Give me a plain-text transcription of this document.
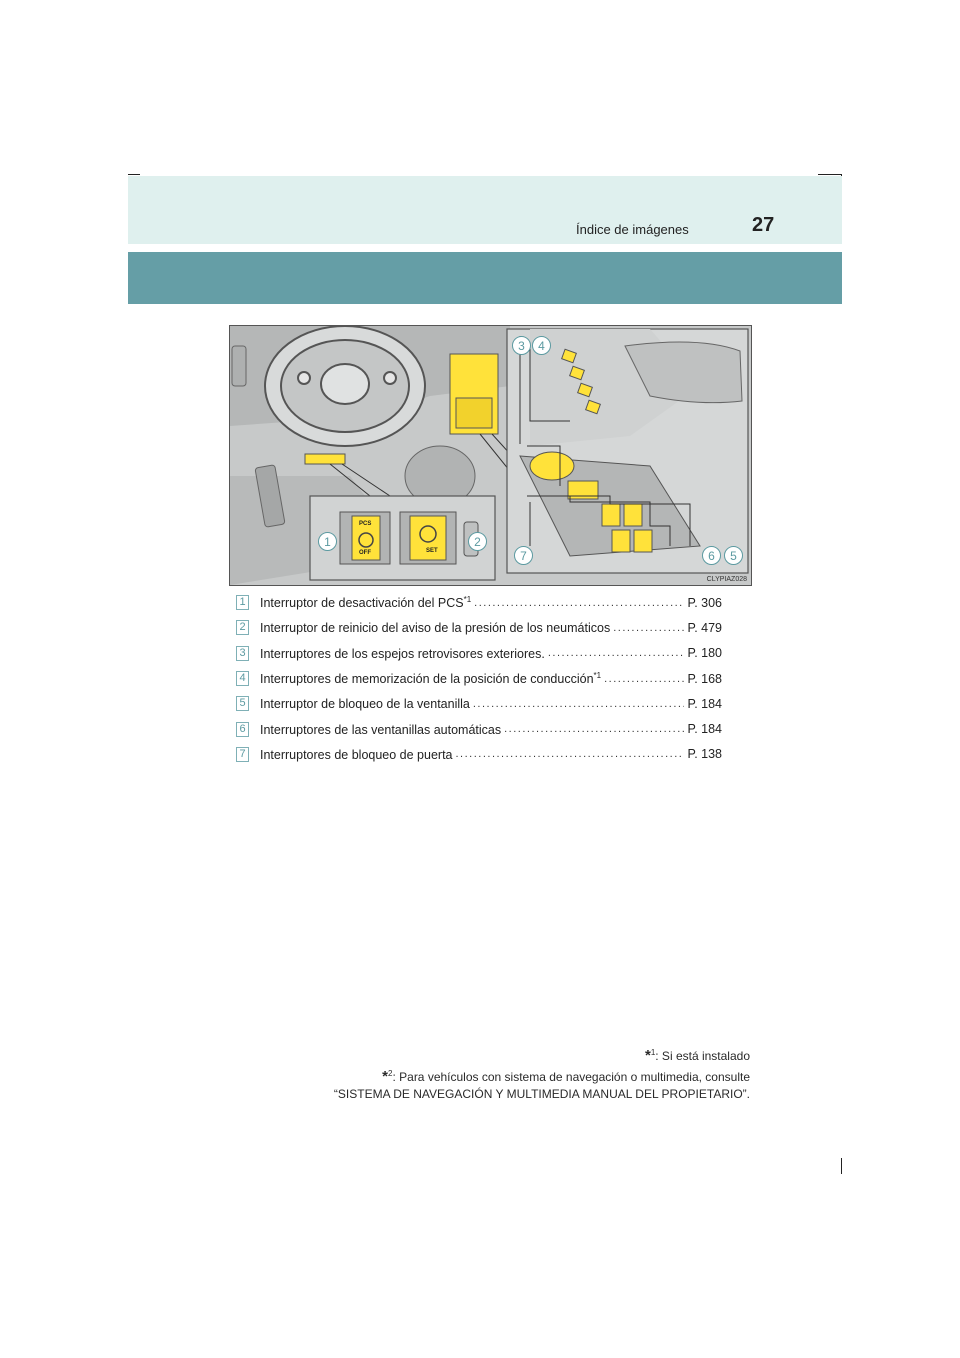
Índice de imágenes	27
PCS
OFF	SET
1	2
3	4
5
6
7
CLYPIAZ028
1 Interruptor de desactivación del PCS$^{*1}$ .....	P. 306
2 Interruptor de reinicio del aviso de la presión de los neumáticos .....	P. 479
3 Interruptores de los espejos retrovisores exteriores. .....	P. 180
4 Interruptores de memorización de la posición de conducción$^{*1}$ .....	P. 168
5 Interruptor de bloqueo de la ventanilla .....	P. 184
6 Interruptores de las ventanillas automáticas .....	P. 184
7 Interruptores de bloqueo de puerta .....	P. 138
*$^1$: Si está instalado
*$^2$: Para vehículos con sistema de navegación o multimedia, consulte
“SISTEMA DE NAVEGACIÓN Y MULTIMEDIA MANUAL DEL PROPIETARIO”.
